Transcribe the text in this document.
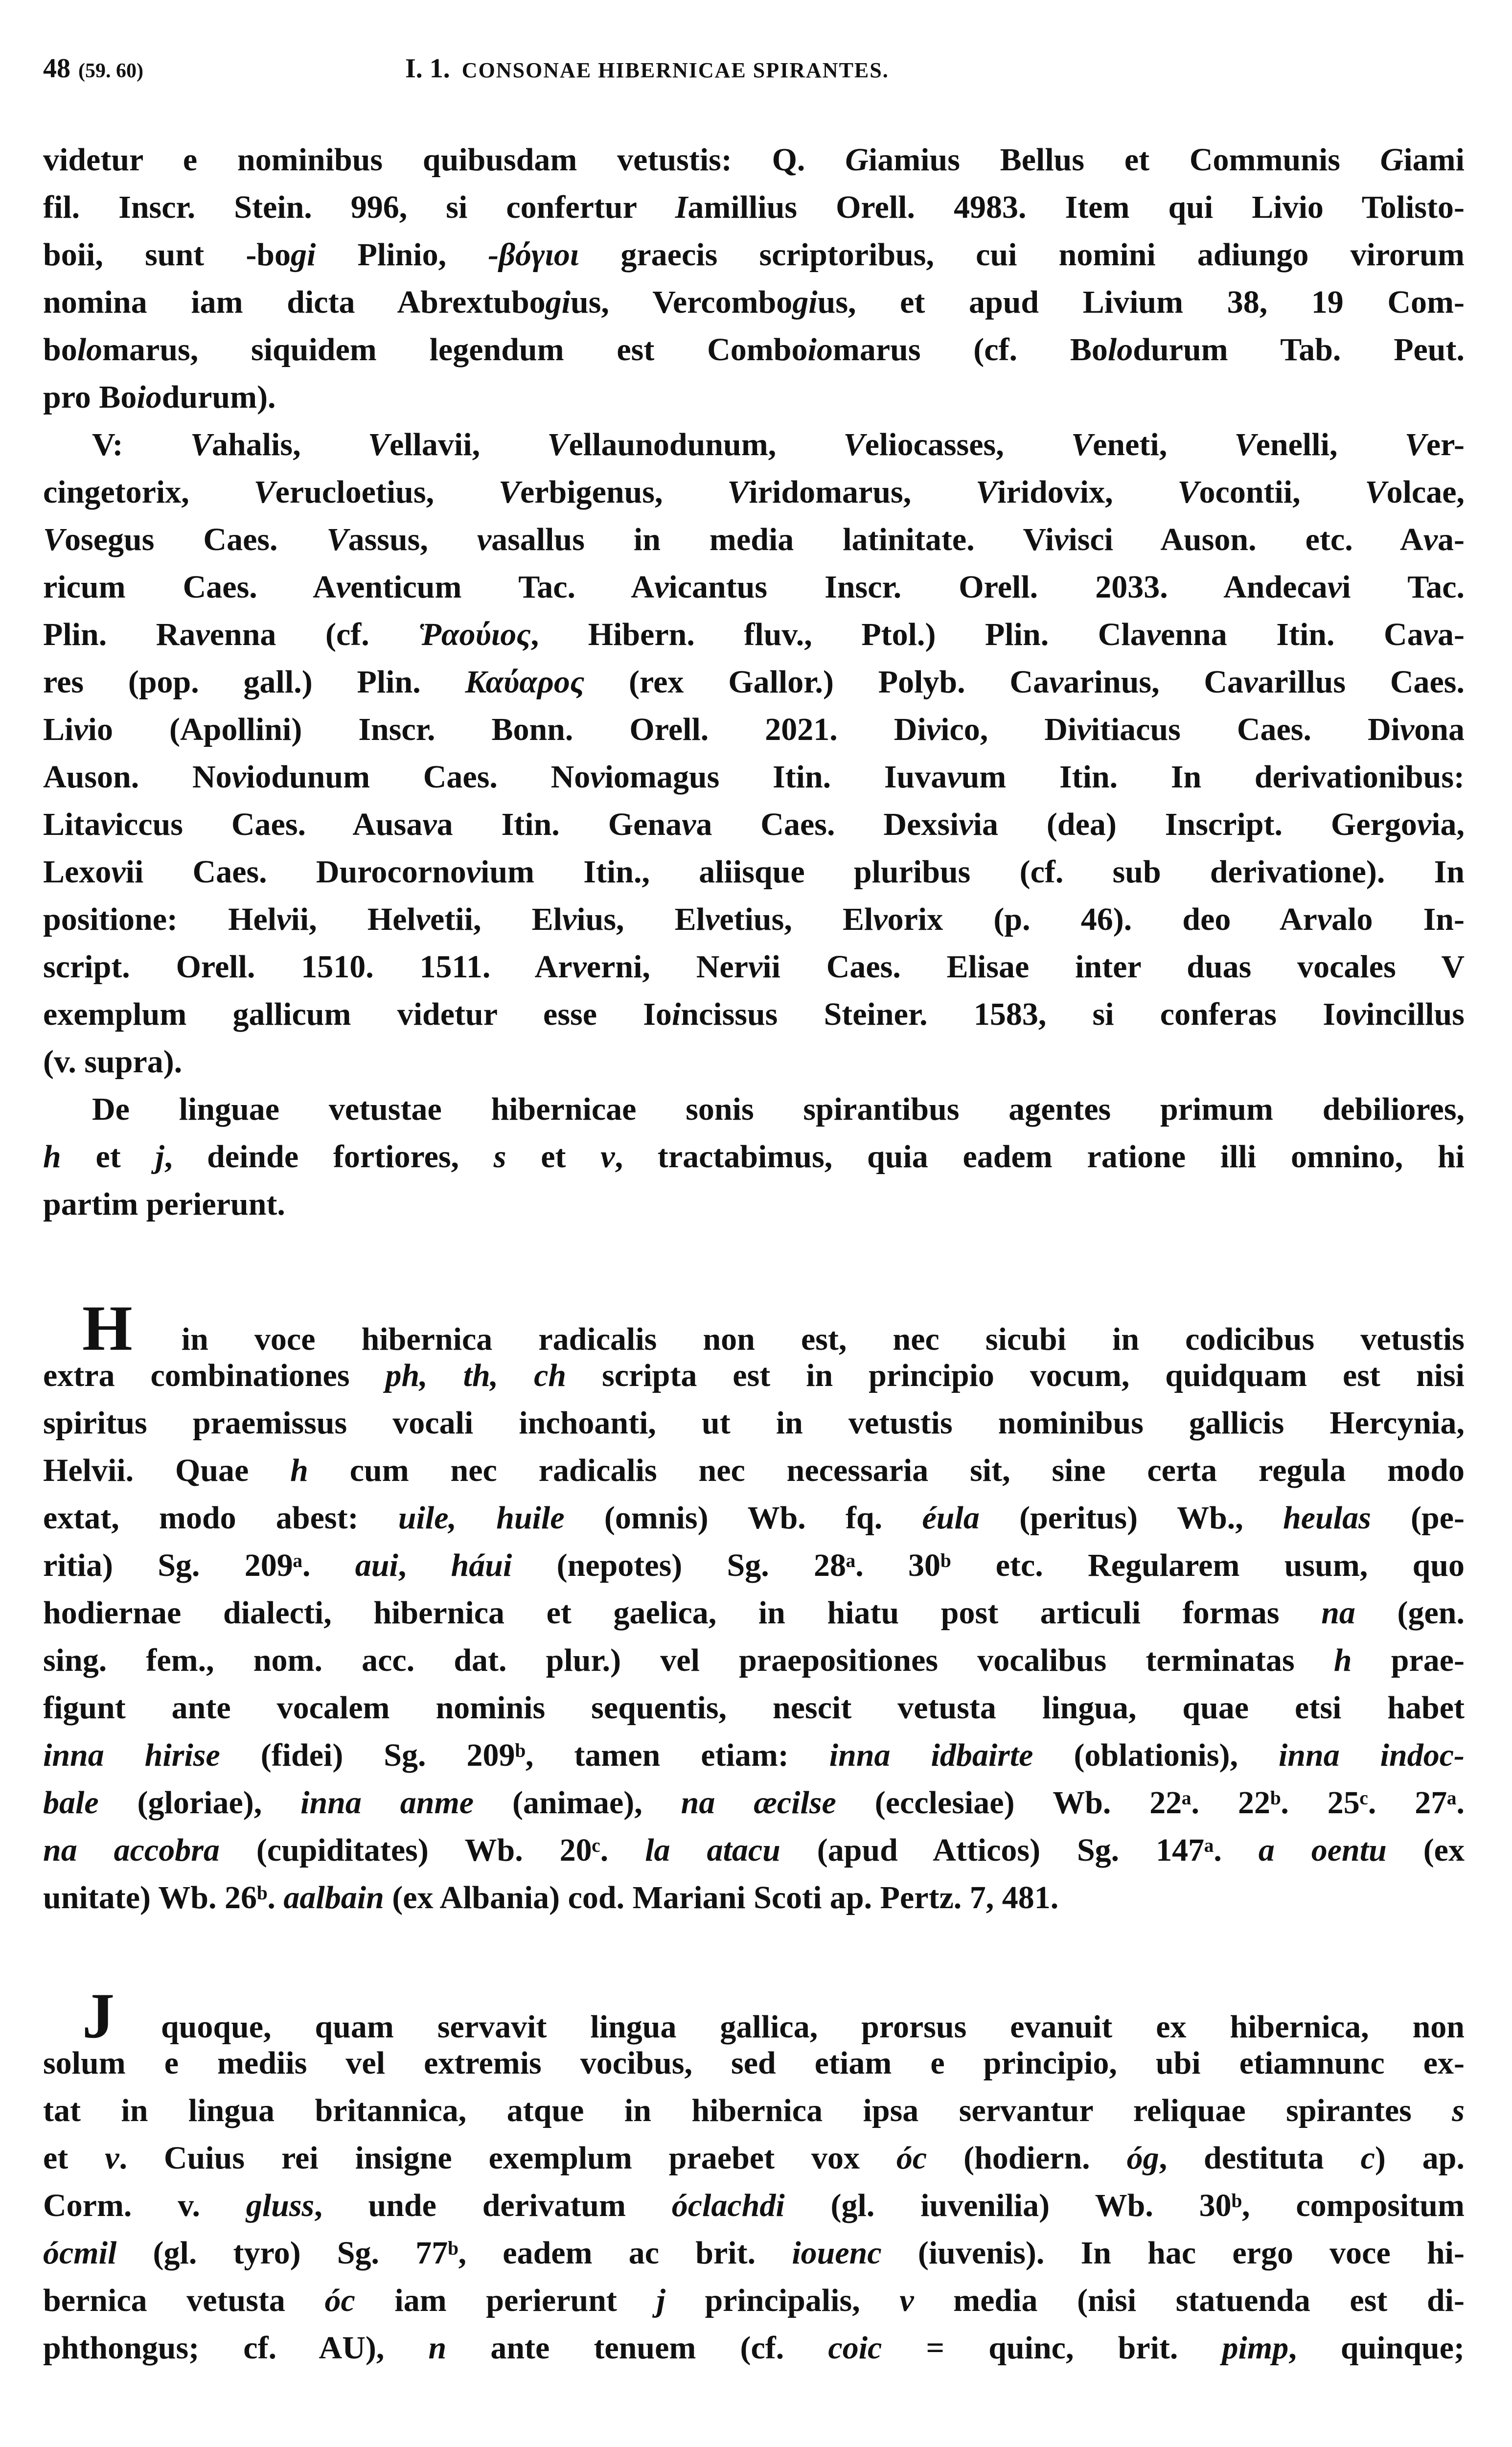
48 (59. 60)	I. 1. CONSONAE HIBERNICAE SPIRANTES.
videtur e nominibus quibusdam vetustis: Q. Giamius Bellus et Communis Giami
fil. Inscr. Stein. 996, si confertur Iamillius Orell. 4983. Item qui Livio Tolisto-
boii, sunt -bogi Plinio, -βόγιοι graecis scriptoribus, cui nomini adiungo virorum
nomina iam dicta Abrextubogius, Vercombogius, et apud Livium 38, 19 Com-
bolomarus, siquidem legendum est Comboiomarus (cf. Bolodurum Tab. Peut.
pro Boiodurum).
V: Vahalis, Vellavii, Vellaunodunum, Veliocasses, Veneti, Venelli, Ver-
cingetorix, Verucloetius, Verbigenus, Viridomarus, Viridovix, Vocontii, Volcae,
Vosegus Caes. Vassus, vasallus in media latinitate. Vivisci Auson. etc. Ava-
ricum Caes. Aventicum Tac. Avicantus Inscr. Orell. 2033. Andecavi Tac.
Plin. Ravenna (cf. Ῥαούιος, Hibern. fluv., Ptol.) Plin. Clavenna Itin. Cava-
res (pop. gall.) Plin. Καύαρος (rex Gallor.) Polyb. Cavarinus, Cavarillus Caes.
Livio (Apollini) Inscr. Bonn. Orell. 2021. Divico, Divitiacus Caes. Divona
Auson. Noviodunum Caes. Noviomagus Itin. Iuvavum Itin. In derivationibus:
Litaviccus Caes. Ausava Itin. Genava Caes. Dexsivia (dea) Inscript. Gergovia,
Lexovii Caes. Durocornovium Itin., aliisque pluribus (cf. sub derivatione). In
positione: Helvii, Helvetii, Elvius, Elvetius, Elvorix (p. 46). deo Arvalo In-
script. Orell. 1510. 1511. Arverni, Nervii Caes. Elisae inter duas vocales V
exemplum gallicum videtur esse Ioincissus Steiner. 1583, si conferas Iovincillus
(v. supra).
De linguae vetustae hibernicae sonis spirantibus agentes primum debiliores,
h et j, deinde fortiores, s et v, tractabimus, quia eadem ratione illi omnino, hi
partim perierunt.
H in voce hibernica radicalis non est, nec sicubi in codicibus vetustis
extra combinationes ph, th, ch scripta est in principio vocum, quidquam est nisi
spiritus praemissus vocali inchoanti, ut in vetustis nominibus gallicis Hercynia,
Helvii. Quae h cum nec radicalis nec necessaria sit, sine certa regula modo
extat, modo abest: uile, huile (omnis) Wb. fq. éula (peritus) Wb., heulas (pe-
ritia) Sg. 209ᵃ. aui, háui (nepotes) Sg. 28ᵃ. 30ᵇ etc. Regularem usum, quo
hodiernae dialecti, hibernica et gaelica, in hiatu post articuli formas na (gen.
sing. fem., nom. acc. dat. plur.) vel praepositiones vocalibus terminatas h prae-
figunt ante vocalem nominis sequentis, nescit vetusta lingua, quae etsi habet
inna hirise (fidei) Sg. 209ᵇ, tamen etiam: inna idbairte (oblationis), inna indoc-
bale (gloriae), inna anme (animae), na æcilse (ecclesiae) Wb. 22ᵃ. 22ᵇ. 25ᶜ. 27ᵃ.
na accobra (cupiditates) Wb. 20ᶜ. la atacu (apud Atticos) Sg. 147ᵃ. a oentu (ex
unitate) Wb. 26ᵇ. aalbain (ex Albania) cod. Mariani Scoti ap. Pertz. 7, 481.
J quoque, quam servavit lingua gallica, prorsus evanuit ex hibernica, non
solum e mediis vel extremis vocibus, sed etiam e principio, ubi etiamnunc ex-
tat in lingua britannica, atque in hibernica ipsa servantur reliquae spirantes s
et v. Cuius rei insigne exemplum praebet vox óc (hodiern. óg, destituta c) ap.
Corm. v. gluss, unde derivatum óclachdi (gl. iuvenilia) Wb. 30ᵇ, compositum
ócmil (gl. tyro) Sg. 77ᵇ, eadem ac brit. iouenc (iuvenis). In hac ergo voce hi-
bernica vetusta óc iam perierunt j principalis, v media (nisi statuenda est di-
phthongus; cf. AU), n ante tenuem (cf. coic = quinc, brit. pimp, quinque;
